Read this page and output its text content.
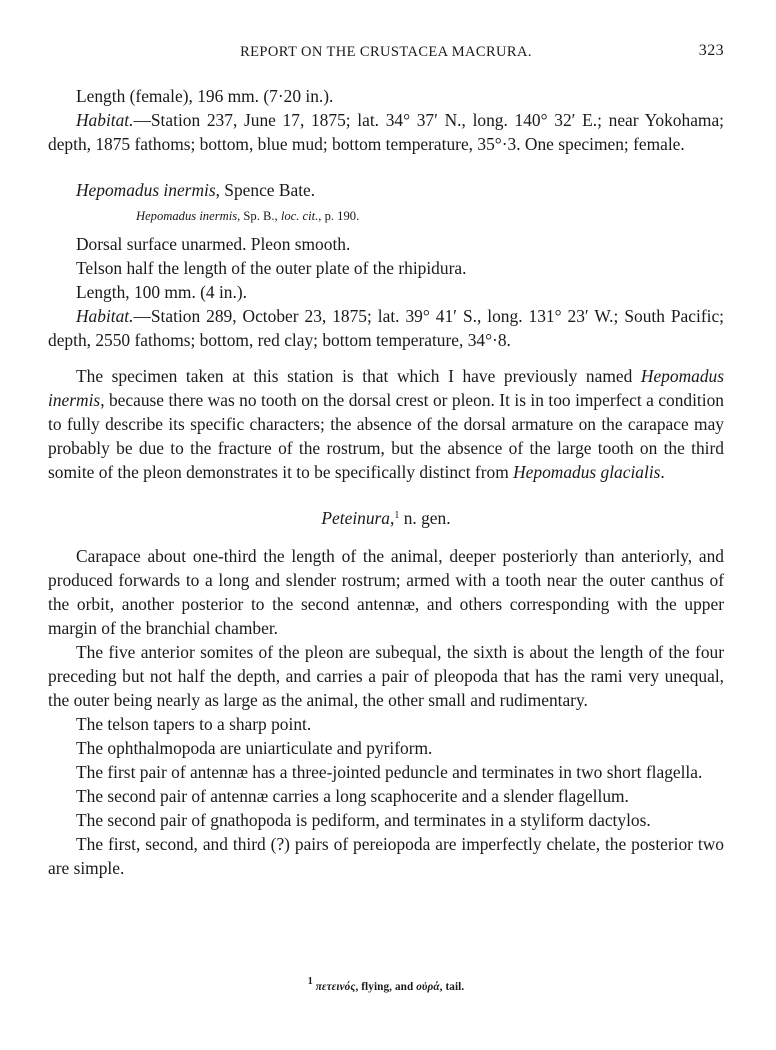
REPORT ON THE CRUSTACEA MACRURA.	323

Length (female), 196 mm. (7·20 in.).

Habitat.—Station 237, June 17, 1875; lat. 34° 37′ N., long. 140° 32′ E.; near Yokohama; depth, 1875 fathoms; bottom, blue mud; bottom temperature, 35°·3. One specimen; female.

Hepomadus inermis, Spence Bate.

Hepomadus inermis, Sp. B., loc. cit., p. 190.

Dorsal surface unarmed. Pleon smooth.

Telson half the length of the outer plate of the rhipidura.

Length, 100 mm. (4 in.).

Habitat.—Station 289, October 23, 1875; lat. 39° 41′ S., long. 131° 23′ W.; South Pacific; depth, 2550 fathoms; bottom, red clay; bottom temperature, 34°·8.

The specimen taken at this station is that which I have previously named Hepomadus inermis, because there was no tooth on the dorsal crest or pleon. It is in too imperfect a condition to fully describe its specific characters; the absence of the dorsal armature on the carapace may probably be due to the fracture of the rostrum, but the absence of the large tooth on the third somite of the pleon demonstrates it to be specifically distinct from Hepomadus glacialis.

Peteinura,$^1$ n. gen.

Carapace about one-third the length of the animal, deeper posteriorly than anteriorly, and produced forwards to a long and slender rostrum; armed with a tooth near the outer canthus of the orbit, another posterior to the second antennæ, and others corresponding with the upper margin of the branchial chamber.

The five anterior somites of the pleon are subequal, the sixth is about the length of the four preceding but not half the depth, and carries a pair of pleopoda that has the rami very unequal, the outer being nearly as large as the animal, the other small and rudimentary.

The telson tapers to a sharp point.

The ophthalmopoda are uniarticulate and pyriform.

The first pair of antennæ has a three-jointed peduncle and terminates in two short flagella.

The second pair of antennæ carries a long scaphocerite and a slender flagellum.

The second pair of gnathopoda is pediform, and terminates in a styliform dactylos.

The first, second, and third (?) pairs of pereiopoda are imperfectly chelate, the posterior two are simple.

$^1$ πετεινός, flying, and οὐρά, tail.
